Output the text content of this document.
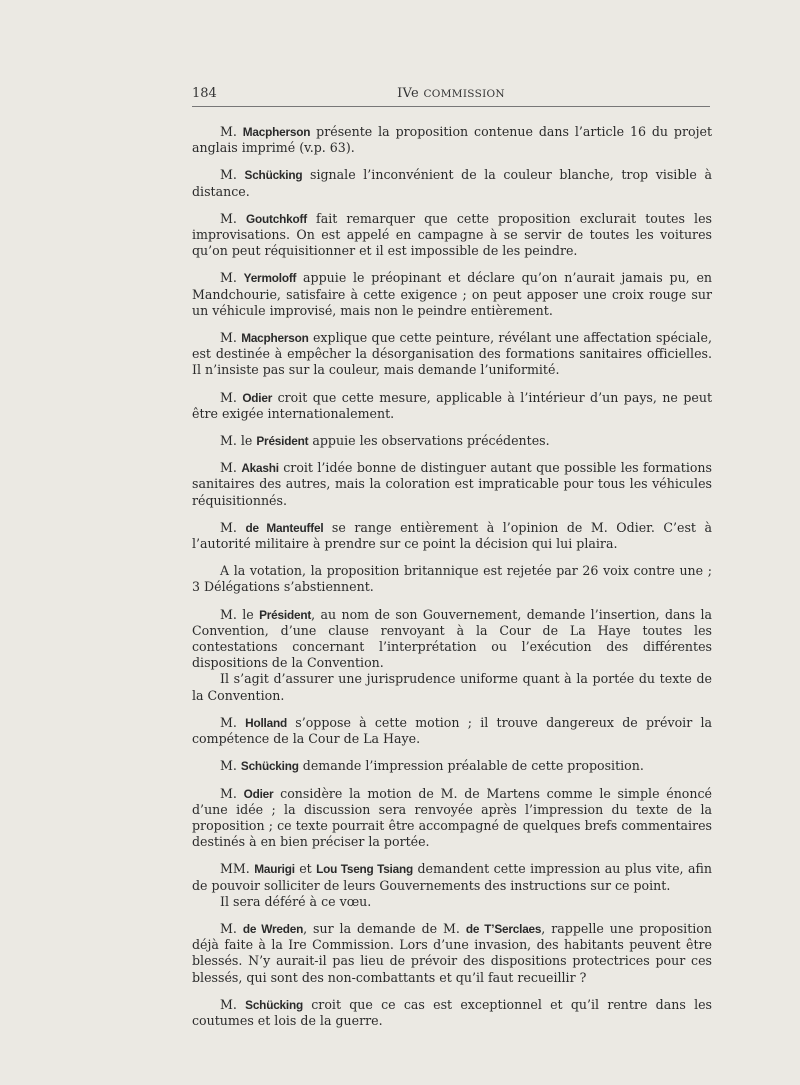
184	IVe COMMISSION

M. Macpherson présente la proposition contenue dans l’article 16 du projet anglais imprimé (v.p. 63).

M. Schücking signale l’inconvénient de la couleur blanche, trop visible à distance.

M. Goutchkoff fait remarquer que cette proposition exclurait toutes les improvisations. On est appelé en campagne à se servir de toutes les voitures qu’on peut réquisitionner et il est impossible de les peindre.

M. Yermoloff appuie le préopinant et déclare qu’on n’aurait jamais pu, en Mandchourie, satisfaire à cette exigence ; on peut apposer une croix rouge sur un véhicule improvisé, mais non le peindre entièrement.

M. Macpherson explique que cette peinture, révélant une affectation spéciale, est destinée à empêcher la désorganisation des formations sanitaires officielles. Il n’insiste pas sur la couleur, mais demande l’uniformité.

M. Odier croit que cette mesure, applicable à l’intérieur d’un pays, ne peut être exigée internationalement.

M. le Président appuie les observations précédentes.

M. Akashi croit l’idée bonne de distinguer autant que possible les formations sanitaires des autres, mais la coloration est impraticable pour tous les véhicules réquisitionnés.

M. de Manteuffel se range entièrement à l’opinion de M. Odier. C’est à l’autorité militaire à prendre sur ce point la décision qui lui plaira.

A la votation, la proposition britannique est rejetée par 26 voix contre une ; 3 Délégations s’abstiennent.

M. le Président, au nom de son Gouvernement, demande l’insertion, dans la Convention, d’une clause renvoyant à la Cour de La Haye toutes les contestations concernant l’interprétation ou l’exécution des différentes dispositions de la Convention.

Il s’agit d’assurer une jurisprudence uniforme quant à la portée du texte de la Convention.

M. Holland s’oppose à cette motion ; il trouve dangereux de prévoir la compétence de la Cour de La Haye.

M. Schücking demande l’impression préalable de cette proposition.

M. Odier considère la motion de M. de Martens comme le simple énoncé d’une idée ; la discussion sera renvoyée après l’impression du texte de la proposition ; ce texte pourrait être accompagné de quelques brefs commentaires destinés à en bien préciser la portée.

MM. Maurigi et Lou Tseng Tsiang demandent cette impression au plus vite, afin de pouvoir solliciter de leurs Gouvernements des instructions sur ce point.

Il sera déféré à ce vœu.

M. de Wreden, sur la demande de M. de T’Serclaes, rappelle une proposition déjà faite à la Ire Commission. Lors d’une invasion, des habitants peuvent être blessés. N’y aurait-il pas lieu de prévoir des dispositions protectrices pour ces blessés, qui sont des non-combattants et qu’il faut recueillir ?

M. Schücking croit que ce cas est exceptionnel et qu’il rentre dans les coutumes et lois de la guerre.
